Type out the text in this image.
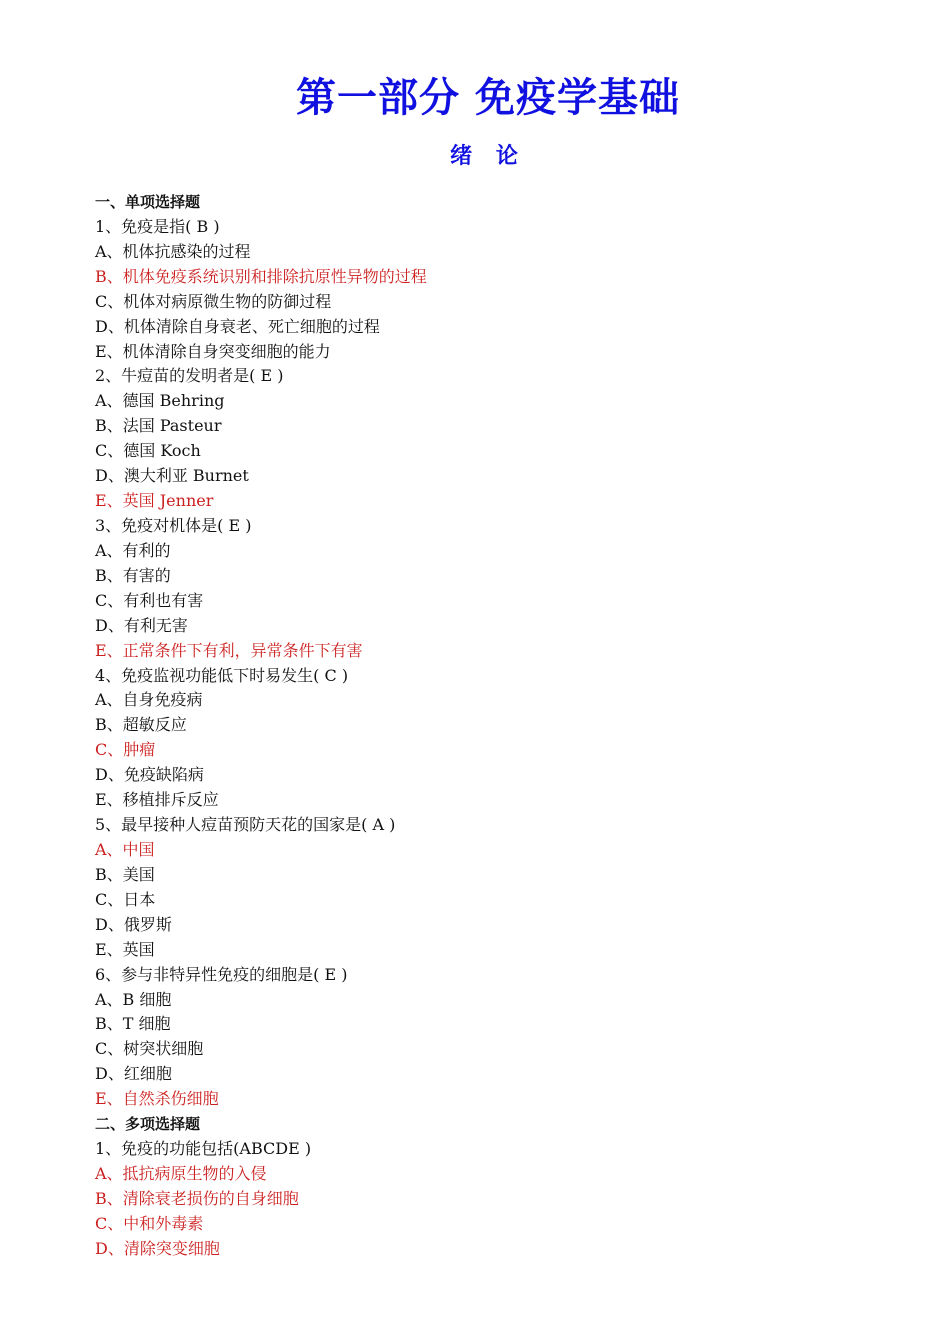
第一部分 免疫学基础
绪 论
一、单项选择题
1、免疫是指( B )
A、机体抗感染的过程
B、机体免疫系统识别和排除抗原性异物的过程
C、机体对病原微生物的防御过程
D、机体清除自身衰老、死亡细胞的过程
E、机体清除自身突变细胞的能力
2、牛痘苗的发明者是( E )
A、德国 Behring
B、法国 Pasteur
C、德国 Koch
D、澳大利亚 Burnet
E、英国 Jenner
3、免疫对机体是( E )
A、有利的
B、有害的
C、有利也有害
D、有利无害
E、正常条件下有利，异常条件下有害
4、免疫监视功能低下时易发生( C )
A、自身免疫病
B、超敏反应
C、肿瘤
D、免疫缺陷病
E、移植排斥反应
5、最早接种人痘苗预防天花的国家是( A )
A、中国
B、美国
C、日本
D、俄罗斯
E、英国
6、参与非特异性免疫的细胞是( E )
A、B 细胞
B、T 细胞
C、树突状细胞
D、红细胞
E、自然杀伤细胞
二、多项选择题
1、免疫的功能包括(ABCDE )
A、抵抗病原生物的入侵
B、清除衰老损伤的自身细胞
C、中和外毒素
D、清除突变细胞
